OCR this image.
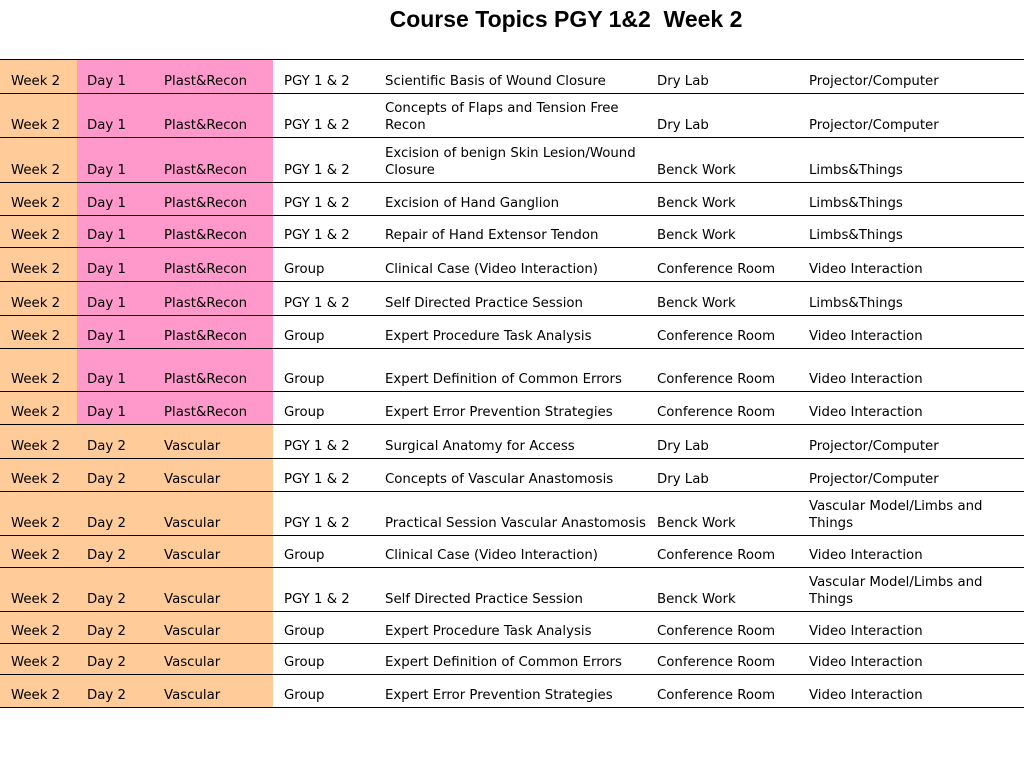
Course Topics PGY 1&2  Week 2
Week 2	Day 1	Plast&Recon	PGY 1 & 2	Scientific Basis of Wound Closure	Dry Lab	Projector/Computer
Week 2	Day 1	Plast&Recon	PGY 1 & 2	Concepts of Flaps and Tension Free Recon	Dry Lab	Projector/Computer
Week 2	Day 1	Plast&Recon	PGY 1 & 2	Excision of benign Skin Lesion/Wound Closure	Benck Work	Limbs&Things
Week 2	Day 1	Plast&Recon	PGY 1 & 2	Excision of Hand Ganglion	Benck Work	Limbs&Things
Week 2	Day 1	Plast&Recon	PGY 1 & 2	Repair of Hand Extensor Tendon	Benck Work	Limbs&Things
Week 2	Day 1	Plast&Recon	Group	Clinical Case (Video Interaction)	Conference Room	Video Interaction
Week 2	Day 1	Plast&Recon	PGY 1 & 2	Self Directed Practice Session	Benck Work	Limbs&Things
Week 2	Day 1	Plast&Recon	Group	Expert Procedure Task Analysis	Conference Room	Video Interaction
Week 2	Day 1	Plast&Recon	Group	Expert Definition of Common Errors	Conference Room	Video Interaction
Week 2	Day 1	Plast&Recon	Group	Expert Error Prevention Strategies	Conference Room	Video Interaction
Week 2	Day 2	Vascular	PGY 1 & 2	Surgical Anatomy for Access	Dry Lab	Projector/Computer
Week 2	Day 2	Vascular	PGY 1 & 2	Concepts of Vascular Anastomosis	Dry Lab	Projector/Computer
Week 2	Day 2	Vascular	PGY 1 & 2	Practical Session Vascular Anastomosis	Benck Work	Vascular Model/Limbs and Things
Week 2	Day 2	Vascular	Group	Clinical Case (Video Interaction)	Conference Room	Video Interaction
Week 2	Day 2	Vascular	PGY 1 & 2	Self Directed Practice Session	Benck Work	Vascular Model/Limbs and Things
Week 2	Day 2	Vascular	Group	Expert Procedure Task Analysis	Conference Room	Video Interaction
Week 2	Day 2	Vascular	Group	Expert Definition of Common Errors	Conference Room	Video Interaction
Week 2	Day 2	Vascular	Group	Expert Error Prevention Strategies	Conference Room	Video Interaction
